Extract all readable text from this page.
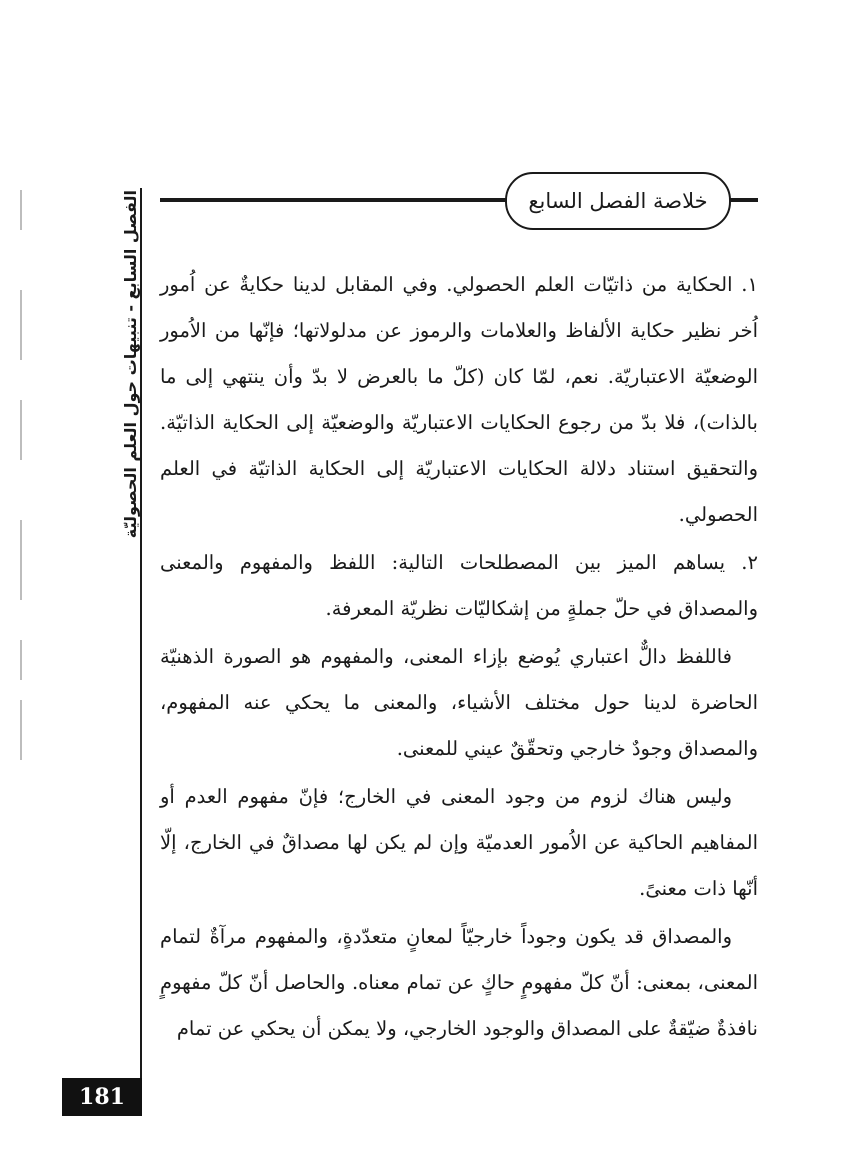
خلاصة الفصل السابع
الفصل السابع - تنبيهات حول العلم الحصوليّة ١. الحكاية من ذاتيّات العلم الحصولي. وفي المقابل لدينا حكايةٌ عن اُمور اُخر نظير حكاية الألفاظ والعلامات والرموز عن مدلولاتها؛ فإنّها من الاُمور الوضعيّة الاعتباريّة. نعم، لمّا كان (كلّ ما بالعرض لا بدّ وأن ينتهي إلى ما بالذات)، فلا بدّ من رجوع الحكايات الاعتباريّة والوضعيّة إلى الحكاية الذاتيّة. والتحقيق استناد دلالة الحكايات الاعتباريّة إلى الحكاية الذاتيّة في العلم الحصولي.

٢. يساهم الميز بين المصطلحات التالية: اللفظ والمفهوم والمعنى والمصداق في حلّ جملةٍ من إشكاليّات نظريّة المعرفة.

فاللفظ دالٌّ اعتباري يُوضع بإزاء المعنى، والمفهوم هو الصورة الذهنيّة الحاضرة لدينا حول مختلف الأشياء، والمعنى ما يحكي عنه المفهوم، والمصداق وجودٌ خارجي وتحقّقٌ عيني للمعنى.

وليس هناك لزوم من وجود المعنى في الخارج؛ فإنّ مفهوم العدم أو المفاهيم الحاكية عن الاُمور العدميّة وإن لم يكن لها مصداقٌ في الخارج، إلّا أنّها ذات معنىً.

والمصداق قد يكون وجوداً خارجيّاً لمعانٍ متعدّدةٍ، والمفهوم مرآةٌ لتمام المعنى، بمعنى: أنّ كلّ مفهومٍ حاكٍ عن تمام معناه. والحاصل أنّ كلّ مفهومٍ نافذةٌ ضيّقةٌ على المصداق والوجود الخارجي، ولا يمكن أن يحكي عن تمام

181
